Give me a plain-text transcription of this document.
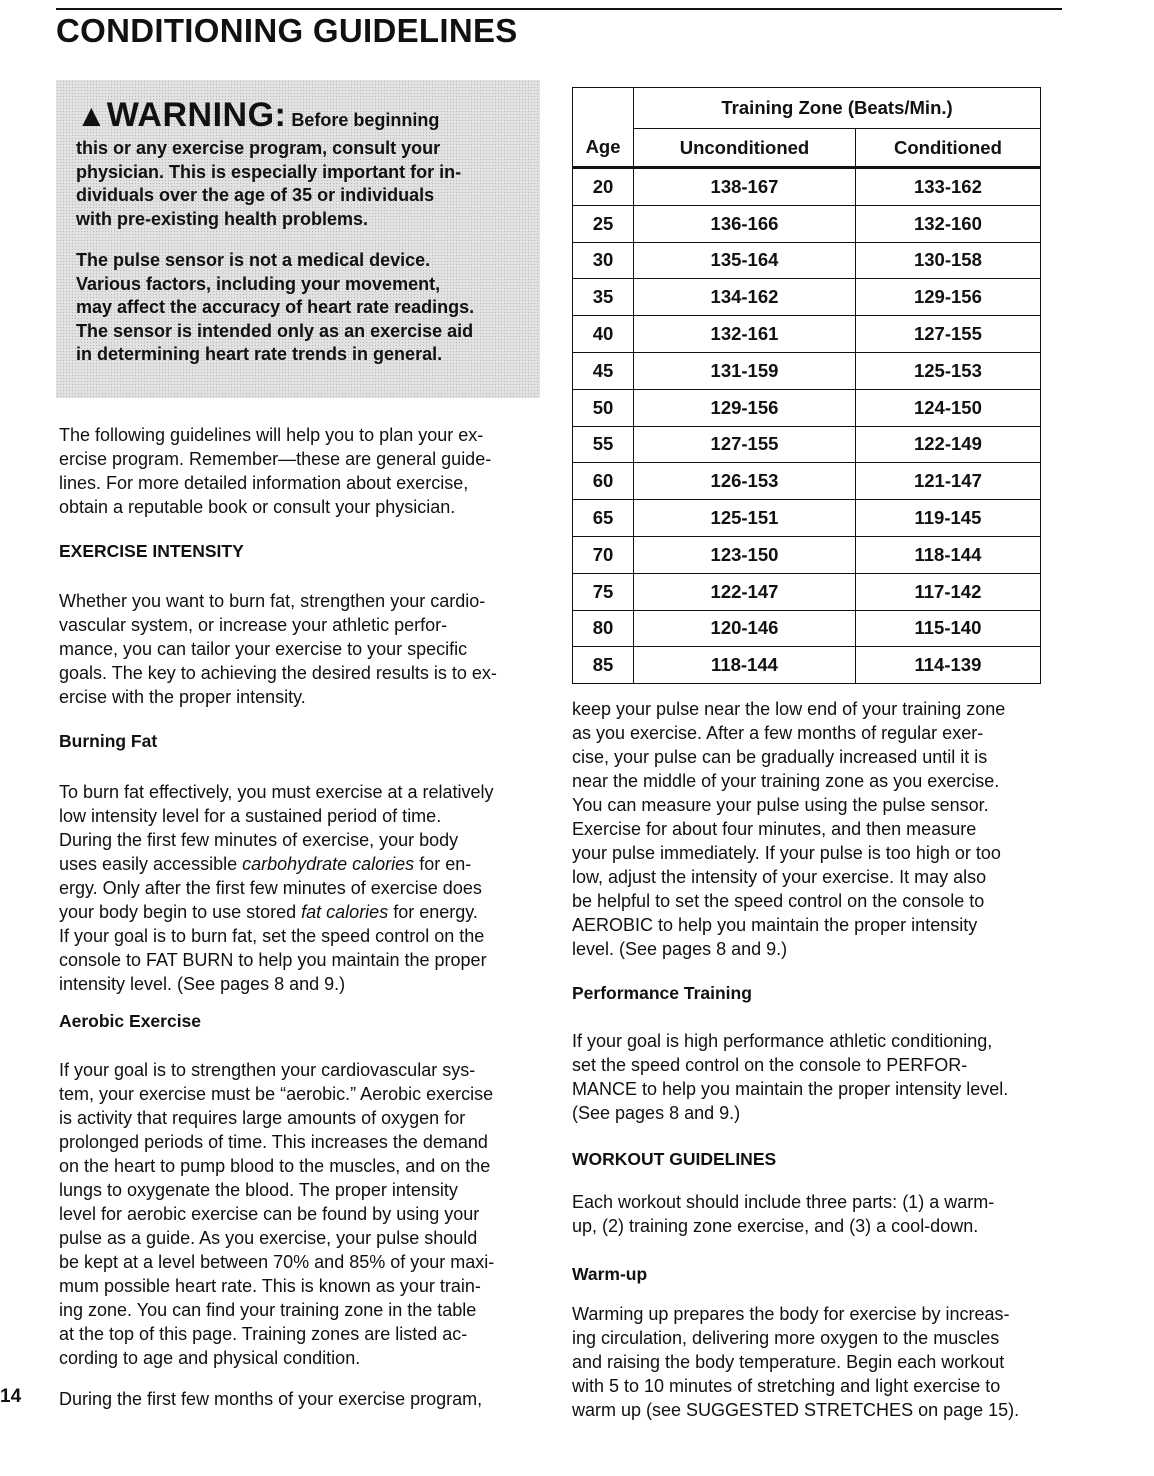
CONDITIONING GUIDELINES

▲WARNING: Before beginning

this or any exercise program, consult your

physician. This is especially important for in-

dividuals over the age of 35 or individuals

with pre-existing health problems.

The pulse sensor is not a medical device.

Various factors, including your movement,

may affect the accuracy of heart rate readings.

The sensor is intended only as an exercise aid

in determining heart rate trends in general.

The following guidelines will help you to plan your ex-
ercise program. Remember—these are general guide-
lines. For more detailed information about exercise,
obtain a reputable book or consult your physician.
EXERCISE INTENSITY
Whether you want to burn fat, strengthen your cardio-
vascular system, or increase your athletic perfor-
mance, you can tailor your exercise to your specific
goals. The key to achieving the desired results is to ex-
ercise with the proper intensity.
Burning Fat
To burn fat effectively, you must exercise at a relatively
low intensity level for a sustained period of time.
During the first few minutes of exercise, your body
uses easily accessible carbohydrate calories for en-
ergy. Only after the first few minutes of exercise does
your body begin to use stored fat calories for energy.
If your goal is to burn fat, set the speed control on the
console to FAT BURN to help you maintain the proper
intensity level. (See pages 8 and 9.)
Aerobic Exercise
If your goal is to strengthen your cardiovascular sys-
tem, your exercise must be “aerobic.” Aerobic exercise
is activity that requires large amounts of oxygen for
prolonged periods of time. This increases the demand
on the heart to pump blood to the muscles, and on the
lungs to oxygenate the blood. The proper intensity
level for aerobic exercise can be found by using your
pulse as a guide. As you exercise, your pulse should
be kept at a level between 70% and 85% of your maxi-
mum possible heart rate. This is known as your train-
ing zone. You can find your training zone in the table
at the top of this page. Training zones are listed ac-
cording to age and physical condition.
During the first few months of your exercise program,

14

	Training Zone (Beats/Min.)	
Age	Unconditioned	Conditioned
20	138-167	133-162
25	136-166	132-160
30	135-164	130-158
35	134-162	129-156
40	132-161	127-155
45	131-159	125-153
50	129-156	124-150
55	127-155	122-149
60	126-153	121-147
65	125-151	119-145
70	123-150	118-144
75	122-147	117-142
80	120-146	115-140
85	118-144	114-139
keep your pulse near the low end of your training zone
as you exercise. After a few months of regular exer-
cise, your pulse can be gradually increased until it is
near the middle of your training zone as you exercise.
You can measure your pulse using the pulse sensor.
Exercise for about four minutes, and then measure
your pulse immediately. If your pulse is too high or too
low, adjust the intensity of your exercise. It may also
be helpful to set the speed control on the console to
AEROBIC to help you maintain the proper intensity
level. (See pages 8 and 9.)
Performance Training
If your goal is high performance athletic conditioning,
set the speed control on the console to PERFOR-
MANCE to help you maintain the proper intensity level.
(See pages 8 and 9.)
WORKOUT GUIDELINES
Each workout should include three parts: (1) a warm-
up, (2) training zone exercise, and (3) a cool-down.
Warm-up
Warming up prepares the body for exercise by increas-
ing circulation, delivering more oxygen to the muscles
and raising the body temperature. Begin each workout
with 5 to 10 minutes of stretching and light exercise to
warm up (see SUGGESTED STRETCHES on page 15).
